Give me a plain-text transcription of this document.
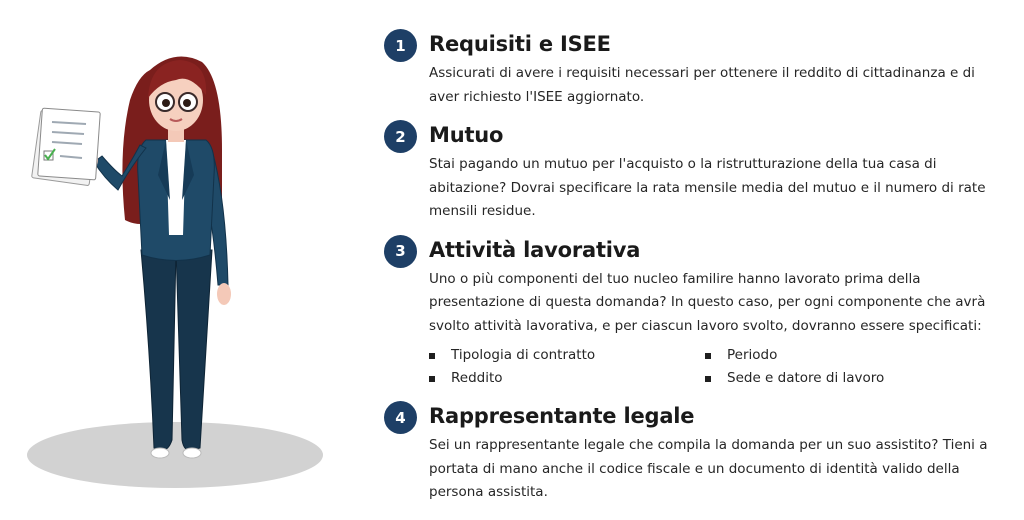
1	Requisiti e ISEE
Assicurati di avere i requisiti necessari per ottenere il reddito di cittadinanza e di aver richiesto l'ISEE aggiornato.
2	Mutuo
Stai pagando un mutuo per l'acquisto o la ristrutturazione della tua casa di abitazione? Dovrai specificare la rata mensile media del mutuo e il numero di rate mensili residue.
3	Attività lavorativa
Uno o più componenti del tuo nucleo familire hanno lavorato prima della presentazione di questa domanda? In questo caso, per ogni componente che avrà svolto attività lavorativa, e per ciascun lavoro svolto, dovranno essere specificati:
Tipologia di contratto	Periodo
Reddito	Sede e datore di lavoro
4	Rappresentante legale
Sei un rappresentante legale che compila la domanda per un suo assistito? Tieni a portata di mano anche il codice fiscale e un documento di identità valido della persona assistita.
